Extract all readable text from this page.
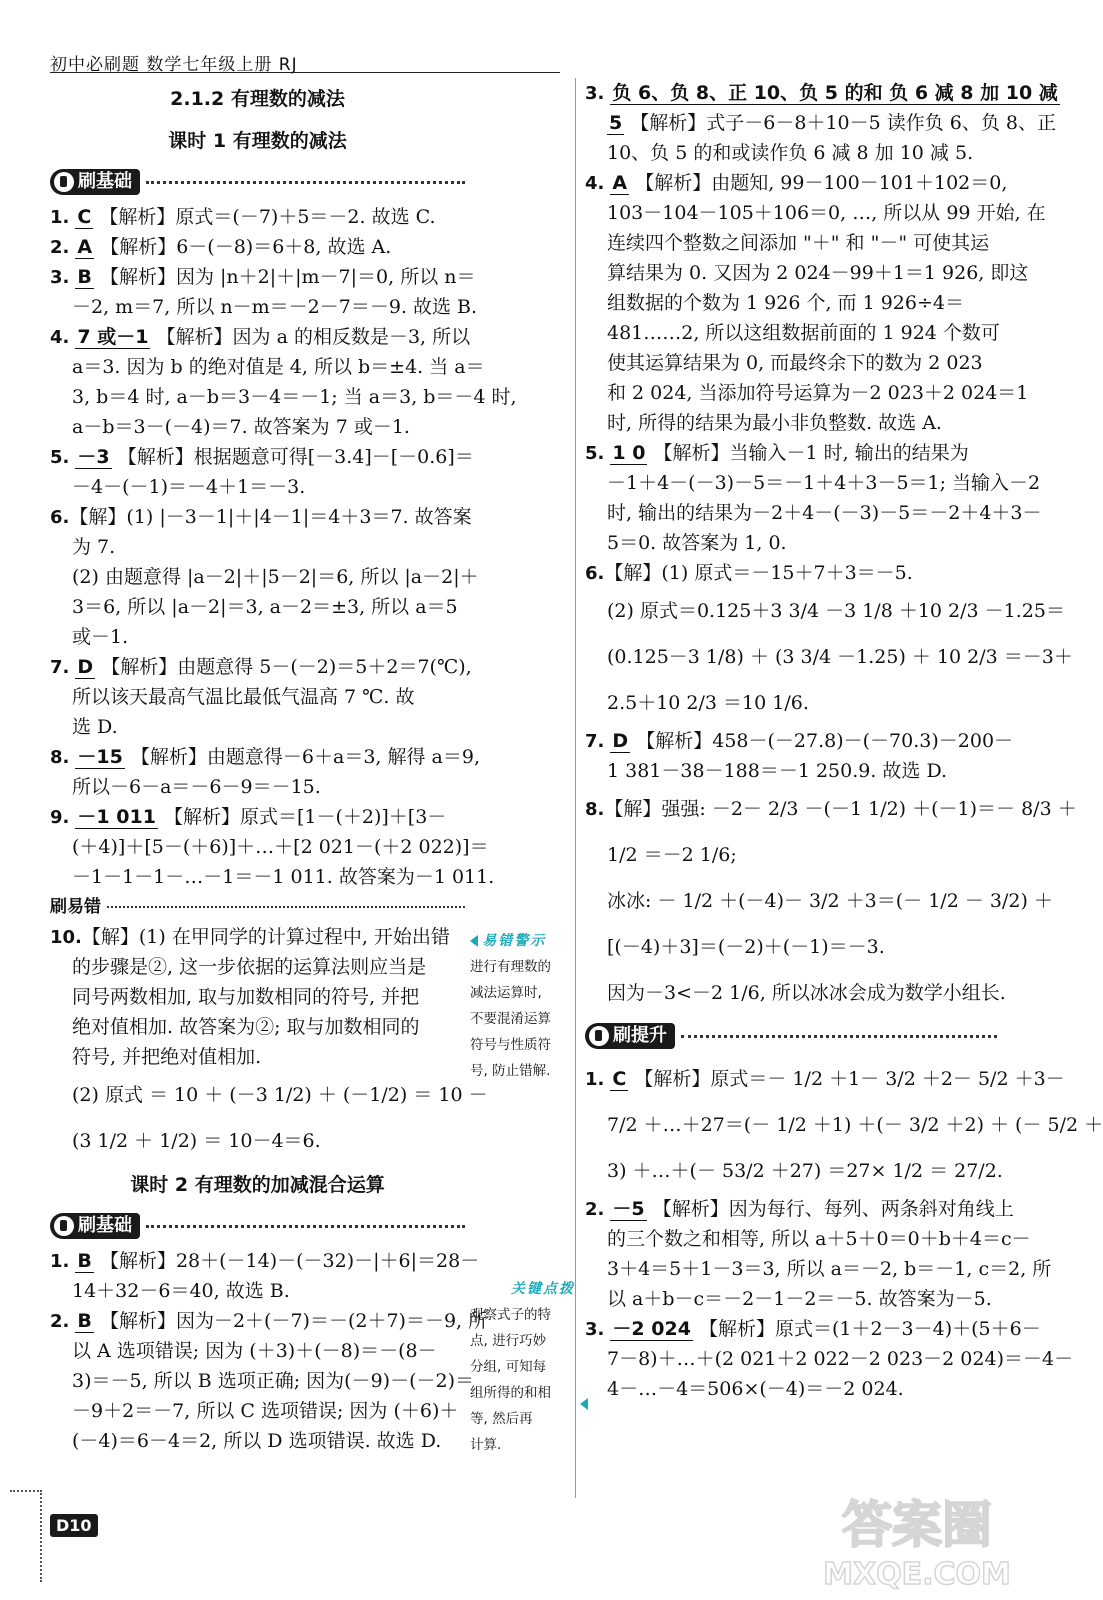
初中必刷题 数学七年级上册 RJ
2.1.2 有理数的减法
课时 1 有理数的减法
刷基础
1. C 【解析】原式＝(－7)＋5＝－2. 故选 C.
2. A 【解析】6－(－8)＝6＋8, 故选 A.
3. B 【解析】因为 |n＋2|＋|m－7|＝0, 所以 n＝
－2, m＝7, 所以 n－m＝－2－7＝－9. 故选 B.
4. 7 或－1 【解析】因为 a 的相反数是－3, 所以
a＝3. 因为 b 的绝对值是 4, 所以 b＝±4. 当 a＝
3, b＝4 时, a－b＝3－4＝－1; 当 a＝3, b＝－4 时,
a－b＝3－(－4)＝7. 故答案为 7 或－1.
5. －3 【解析】根据题意可得[－3.4]－[－0.6]＝
－4－(－1)＝－4＋1＝－3.
6.【解】(1) |－3－1|＋|4－1|＝4＋3＝7. 故答案
为 7.
(2) 由题意得 |a－2|＋|5－2|＝6, 所以 |a－2|＋
3＝6, 所以 |a－2|＝3, a－2＝±3, 所以 a＝5
或－1.
7. D 【解析】由题意得 5－(－2)＝5＋2＝7(℃),
所以该天最高气温比最低气温高 7 ℃. 故
选 D.
8. －15 【解析】由题意得－6＋a＝3, 解得 a＝9,
所以－6－a＝－6－9＝－15.
9. －1 011 【解析】原式＝[1－(＋2)]＋[3－
(＋4)]＋[5－(＋6)]＋…＋[2 021－(＋2 022)]＝
－1－1－1－…－1＝－1 011. 故答案为－1 011.
刷易错
10.【解】(1) 在甲同学的计算过程中, 开始出错
的步骤是②, 这一步依据的运算法则应当是
同号两数相加, 取与加数相同的符号, 并把
绝对值相加. 故答案为②; 取与加数相同的
符号, 并把绝对值相加.
(2) 原式 ＝ 10 ＋ (－3 1/2) ＋ (－1/2) ＝ 10 －
(3 1/2 ＋ 1/2) ＝ 10－4＝6.
课时 2 有理数的加减混合运算
刷基础
1. B 【解析】28＋(－14)－(－32)－|＋6|＝28－
14＋32－6＝40, 故选 B.
2. B 【解析】因为－2＋(－7)＝－(2＋7)＝－9, 所
以 A 选项错误; 因为 (＋3)＋(－8)＝－(8－
3)＝－5, 所以 B 选项正确; 因为(－9)－(－2)＝
－9＋2＝－7, 所以 C 选项错误; 因为 (＋6)＋
(－4)＝6－4＝2, 所以 D 选项错误. 故选 D.
易错警示
进行有理数的
减法运算时,
不要混淆运算
符号与性质符
号, 防止错解.
关键点拨
观察式子的特
点, 进行巧妙
分组, 可知每
组所得的和相
等, 然后再
计算.
3. 负 6、负 8、正 10、负 5 的和 负 6 减 8 加 10 减
5 【解析】式子－6－8＋10－5 读作负 6、负 8、正
10、负 5 的和或读作负 6 减 8 加 10 减 5.
4. A 【解析】由题知, 99－100－101＋102＝0,
103－104－105＋106＝0, …, 所以从 99 开始, 在
连续四个整数之间添加 "＋" 和 "－" 可使其运
算结果为 0. 又因为 2 024－99＋1＝1 926, 即这
组数据的个数为 1 926 个, 而 1 926÷4＝
481……2, 所以这组数据前面的 1 924 个数可
使其运算结果为 0, 而最终余下的数为 2 023
和 2 024, 当添加符号运算为－2 023＋2 024＝1
时, 所得的结果为最小非负整数. 故选 A.
5. 1 0 【解析】当输入－1 时, 输出的结果为
－1＋4－(－3)－5＝－1＋4＋3－5＝1; 当输入－2
时, 输出的结果为－2＋4－(－3)－5＝－2＋4＋3－
5＝0. 故答案为 1, 0.
6.【解】(1) 原式＝－15＋7＋3＝－5.
(2) 原式＝0.125＋3 3/4 －3 1/8 ＋10 2/3 －1.25＝
(0.125－3 1/8) ＋ (3 3/4 －1.25) ＋ 10 2/3 ＝－3＋
2.5＋10 2/3 ＝10 1/6.
7. D 【解析】458－(－27.8)－(－70.3)－200－
1 381－38－188＝－1 250.9. 故选 D.
8.【解】强强: －2－ 2/3 －(－1 1/2) ＋(－1)＝－ 8/3 ＋
1/2 ＝－2 1/6;
冰冰: － 1/2 ＋(－4)－ 3/2 ＋3＝(－ 1/2 － 3/2) ＋
[(－4)＋3]＝(－2)＋(－1)＝－3.
因为－3<－2 1/6, 所以冰冰会成为数学小组长.
刷提升
1. C 【解析】原式＝－ 1/2 ＋1－ 3/2 ＋2－ 5/2 ＋3－
7/2 ＋…＋27＝(－ 1/2 ＋1) ＋(－ 3/2 ＋2) ＋ (－ 5/2 ＋
3) ＋…＋(－ 53/2 ＋27) ＝27× 1/2 ＝ 27/2.
2. －5 【解析】因为每行、每列、两条斜对角线上
的三个数之和相等, 所以 a＋5＋0＝0＋b＋4＝c－
3＋4＝5＋1－3＝3, 所以 a＝－2, b＝－1, c＝2, 所
以 a＋b－c＝－2－1－2＝－5. 故答案为－5.
3. －2 024 【解析】原式＝(1＋2－3－4)＋(5＋6－
7－8)＋…＋(2 021＋2 022－2 023－2 024)＝－4－
4－…－4＝506×(－4)＝－2 024.
D10	答案圈
MXQE.COM
